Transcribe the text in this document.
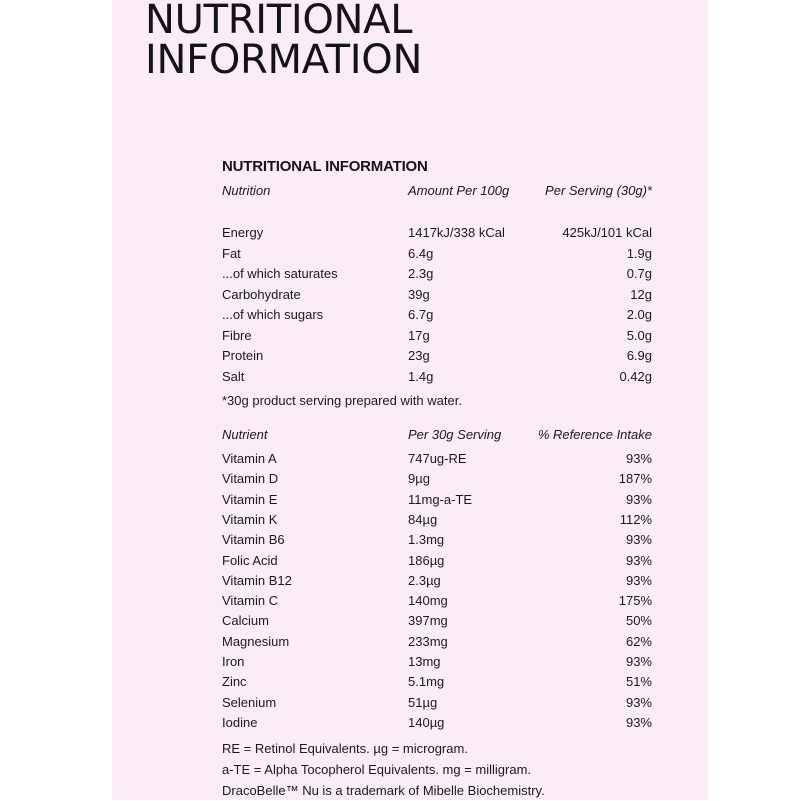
NUTRITIONAL
INFORMATION
NUTRITIONAL INFORMATION
Nutrition	Amount Per 100g	Per Serving (30g)*
Energy	1417kJ/338 kCal	425kJ/101 kCal
Fat	6.4g	1.9g
...of which saturates	2.3g	0.7g
Carbohydrate	39g	12g
...of which sugars	6.7g	2.0g
Fibre	17g	5.0g
Protein	23g	6.9g
Salt	1.4g	0.42g
*30g product serving prepared with water.
Nutrient	Per 30g Serving	% Reference Intake
Vitamin A	747ug-RE	93%
Vitamin D	9µg	187%
Vitamin E	11mg-a-TE	93%
Vitamin K	84µg	112%
Vitamin B6	1.3mg	93%
Folic Acid	186µg	93%
Vitamin B12	2.3µg	93%
Vitamin C	140mg	175%
Calcium	397mg	50%
Magnesium	233mg	62%
Iron	13mg	93%
Zinc	5.1mg	51%
Selenium	51µg	93%
Iodine	140µg	93%
RE = Retinol Equivalents. µg = microgram.
a-TE = Alpha Tocopherol Equivalents. mg = milligram.
DracoBelle™ Nu is a trademark of Mibelle Biochemistry.
